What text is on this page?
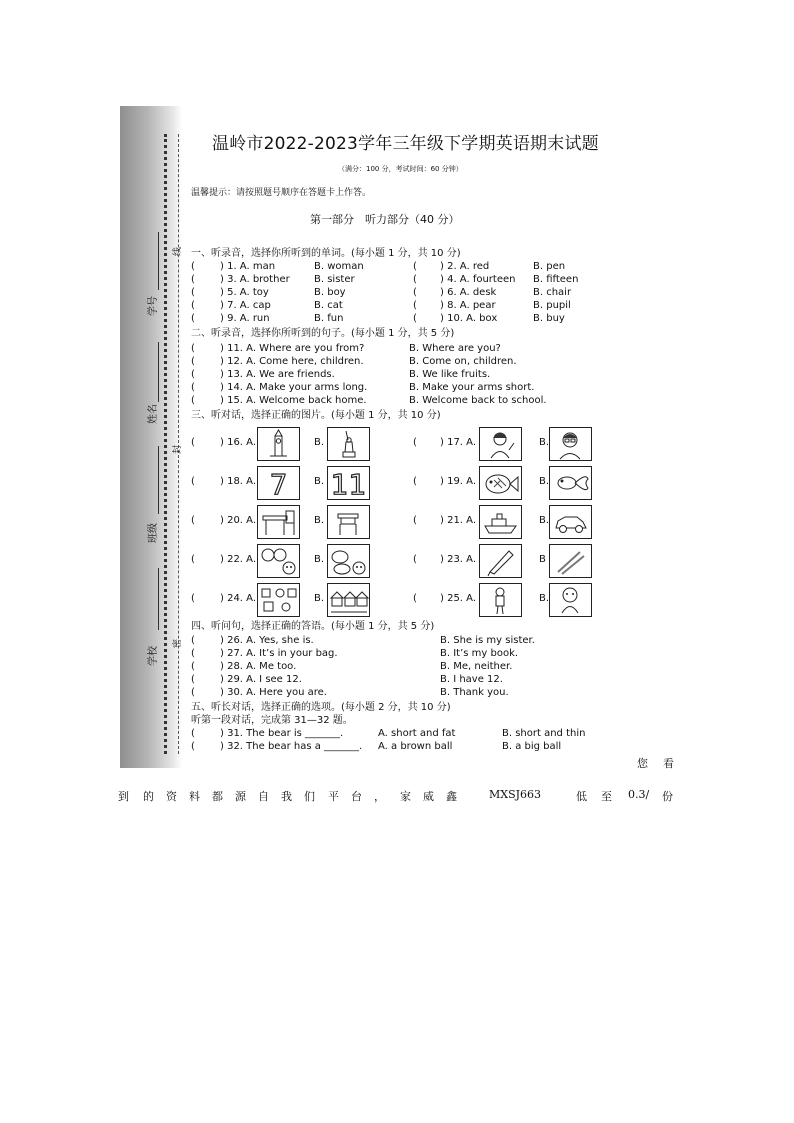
学号
姓名
班级
学校
线
封
密
温岭市2022-2023学年三年级下学期英语期末试题
（满分：100 分，考试时间：60 分钟）
温馨提示：请按照题号顺序在答题卡上作答。
第一部分　听力部分（40 分）
一、听录音，选择你所听到的单词。(每小题 1 分，共 10 分)
(	) 1. A. man	B. woman	( ) 2. A. red	B. pen
(	) 3. A. brother B. sister	( ) 4. A. fourteen B. fifteen
(	) 5. A. toy	B. boy	( ) 6. A. desk	B. chair
(	) 7. A. cap	B. cat	( ) 8. A. pear	B. pupil
(	) 9. A. run	B. fun	( ) 10. A. box	B. buy
二、听录音，选择你所听到的句子。(每小题 1 分，共 5 分)
(	) 11. A. Where are you from?	B. Where are you?
(	) 12. A. Come here, children.	B. Come on, children.
(	) 13. A. We are friends.	B. We like fruits.
(	) 14. A. Make your arms long.	B. Make your arms short.
(	) 15. A. Welcome back home.	B. Welcome back to school.
三、听对话，选择正确的图片。(每小题 1 分，共 10 分)
(	) 16. A.	B.	( ) 17. A.	B.
(	) 18. A.	B.	( ) 19. A.	B.
7 11
(	) 20. A.	B.	( ) 21. A.	B.
(	) 22. A.	B.	( ) 23. A.	B
(	) 24. A.	B.	( ) 25. A.	B.
四、听问句，选择正确的答语。(每小题 1 分，共 5 分)
(	) 26. A. Yes, she is.	B. She is my sister.
(	) 27. A. It’s in your bag.	B. It’s my book.
(	) 28. A. Me too.	B. Me, neither.
(	) 29. A. I see 12.	B. I have 12.
(	) 30. A. Here you are.	B. Thank you.
五、听长对话，选择正确的选项。(每小题 2 分，共 10 分)
听第一段对话，完成第 31—32 题。
(	) 31. The bear is _______.	A. short and fat	B. short and thin
(	) 32. The bear has a _______. A. a brown ball	B. a big ball
您 看
到 的 资 料 都 源 自 我 们 平 台 ， 家 威 鑫	MXSJ663	低 至 0.3/ 份
